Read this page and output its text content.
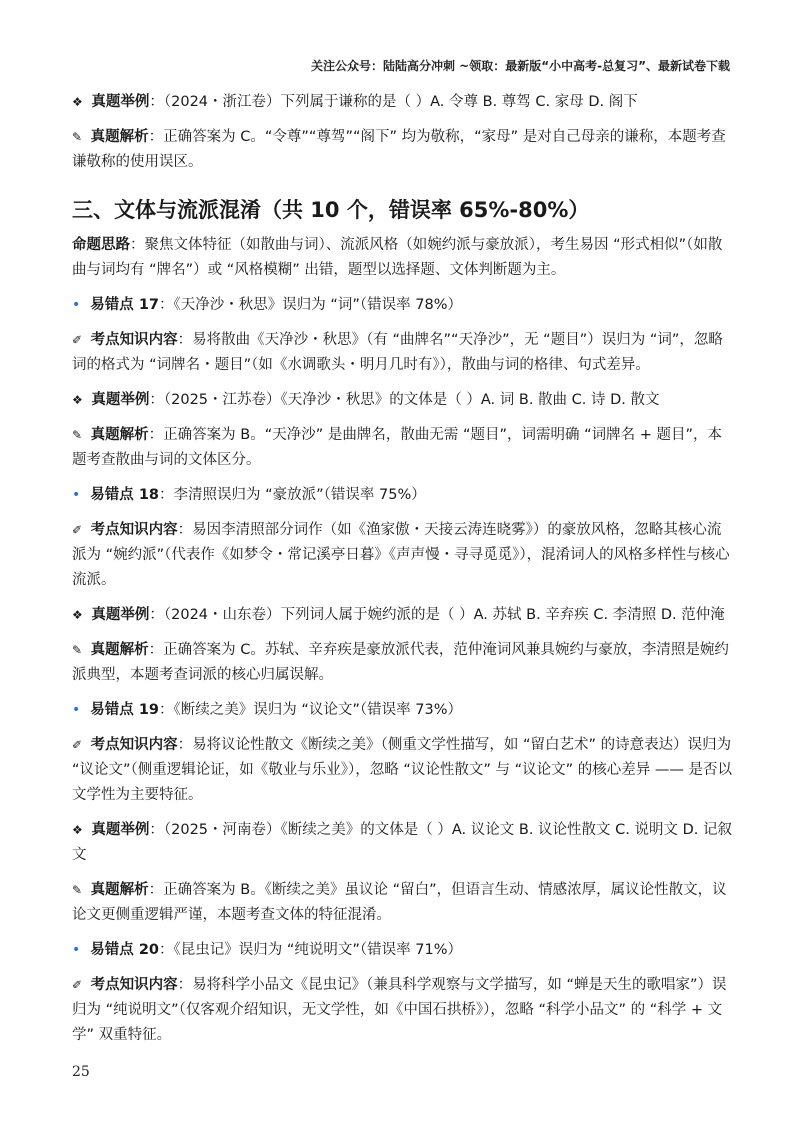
关注公众号：陆陆高分冲刺 ~领取：最新版“小中高考-总复习”、最新试卷下载

❖ 真题举例：（2024・浙江卷）下列属于谦称的是（ ）A. 令尊 B. 尊驾 C. 家母 D. 阁下

✎ 真题解析：正确答案为 C。“令尊”“尊驾”“阁下” 均为敬称，“家母” 是对自己母亲的谦称，本题考查谦敬称的使用误区。

三、文体与流派混淆（共 10 个，错误率 65%-80%）

命题思路：聚焦文体特征（如散曲与词）、流派风格（如婉约派与豪放派），考生易因 “形式相似”（如散曲与词均有 “牌名”）或 “风格模糊” 出错，题型以选择题、文体判断题为主。

• 易错点 17：《天净沙・秋思》误归为 “词”（错误率 78%）

✐ 考点知识内容：易将散曲《天净沙・秋思》（有 “曲牌名”“天净沙”，无 “题目”）误归为 “词”，忽略词的格式为 “词牌名・题目”（如《水调歌头・明月几时有》），散曲与词的格律、句式差异。

❖ 真题举例：（2025・江苏卷）《天净沙・秋思》的文体是（ ）A. 词 B. 散曲 C. 诗 D. 散文

✎ 真题解析：正确答案为 B。“天净沙” 是曲牌名，散曲无需 “题目”，词需明确 “词牌名 + 题目”，本题考查散曲与词的文体区分。

• 易错点 18：李清照误归为 “豪放派”（错误率 75%）

✐ 考点知识内容：易因李清照部分词作（如《渔家傲・天接云涛连晓雾》）的豪放风格，忽略其核心流派为 “婉约派”（代表作《如梦令・常记溪亭日暮》《声声慢・寻寻觅觅》），混淆词人的风格多样性与核心流派。

❖ 真题举例：（2024・山东卷）下列词人属于婉约派的是（ ）A. 苏轼 B. 辛弃疾 C. 李清照 D. 范仲淹

✎ 真题解析：正确答案为 C。苏轼、辛弃疾是豪放派代表，范仲淹词风兼具婉约与豪放，李清照是婉约派典型，本题考查词派的核心归属误解。

• 易错点 19：《断续之美》误归为 “议论文”（错误率 73%）

✐ 考点知识内容：易将议论性散文《断续之美》（侧重文学性描写，如 “留白艺术” 的诗意表达）误归为 “议论文”（侧重逻辑论证，如《敬业与乐业》），忽略 “议论性散文” 与 “议论文” 的核心差异 —— 是否以文学性为主要特征。

❖ 真题举例：（2025・河南卷）《断续之美》的文体是（ ）A. 议论文 B. 议论性散文 C. 说明文 D. 记叙文

✎ 真题解析：正确答案为 B。《断续之美》虽议论 “留白”，但语言生动、情感浓厚，属议论性散文，议论文更侧重逻辑严谨，本题考查文体的特征混淆。

• 易错点 20：《昆虫记》误归为 “纯说明文”（错误率 71%）

✐ 考点知识内容：易将科学小品文《昆虫记》（兼具科学观察与文学描写，如 “蝉是天生的歌唱家”）误归为 “纯说明文”（仅客观介绍知识，无文学性，如《中国石拱桥》），忽略 “科学小品文” 的 “科学 + 文学” 双重特征。

25
